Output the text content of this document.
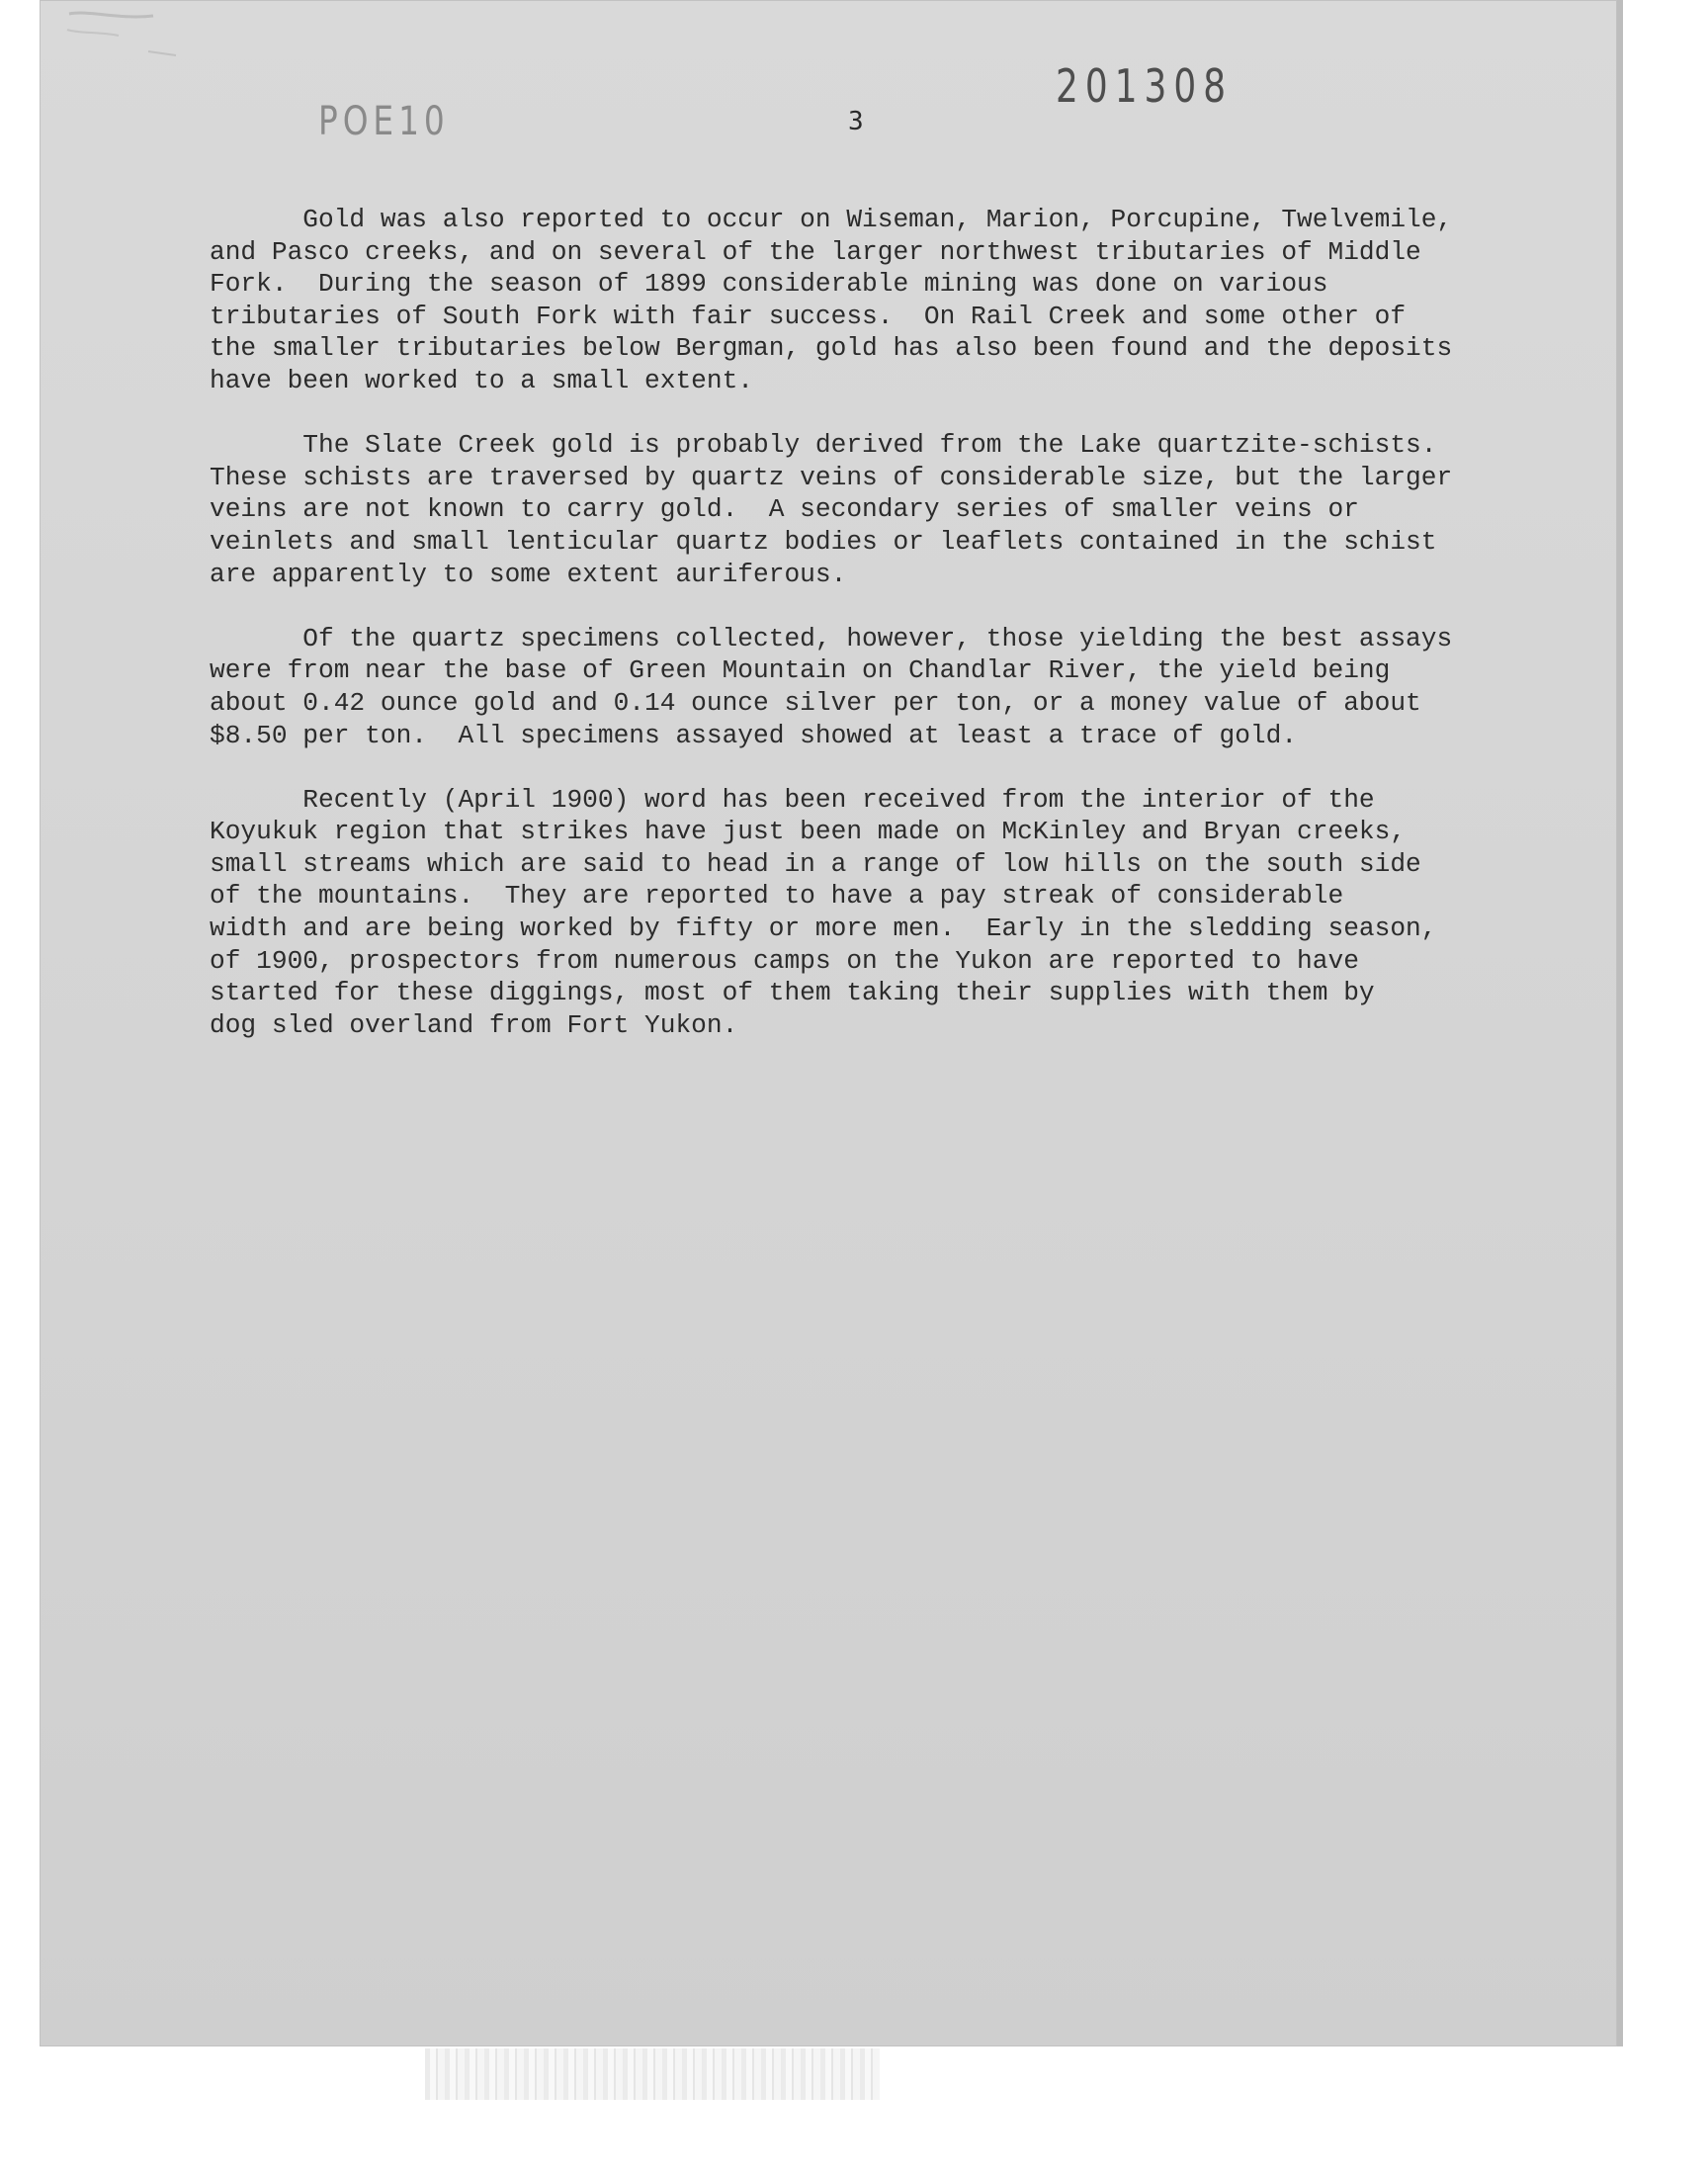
POE10
201308
3
Gold was also reported to occur on Wiseman, Marion, Porcupine, Twelvemile,
and Pasco creeks, and on several of the larger northwest tributaries of Middle
Fork.  During the season of 1899 considerable mining was done on various
tributaries of South Fork with fair success.  On Rail Creek and some other of
the smaller tributaries below Bergman, gold has also been found and the deposits
have been worked to a small extent.
The Slate Creek gold is probably derived from the Lake quartzite-schists.
These schists are traversed by quartz veins of considerable size, but the larger
veins are not known to carry gold.  A secondary series of smaller veins or
veinlets and small lenticular quartz bodies or leaflets contained in the schist
are apparently to some extent auriferous.
Of the quartz specimens collected, however, those yielding the best assays
were from near the base of Green Mountain on Chandlar River, the yield being
about 0.42 ounce gold and 0.14 ounce silver per ton, or a money value of about
$8.50 per ton.  All specimens assayed showed at least a trace of gold.
Recently (April 1900) word has been received from the interior of the
Koyukuk region that strikes have just been made on McKinley and Bryan creeks,
small streams which are said to head in a range of low hills on the south side
of the mountains.  They are reported to have a pay streak of considerable
width and are being worked by fifty or more men.  Early in the sledding season,
of 1900, prospectors from numerous camps on the Yukon are reported to have
started for these diggings, most of them taking their supplies with them by
dog sled overland from Fort Yukon.
